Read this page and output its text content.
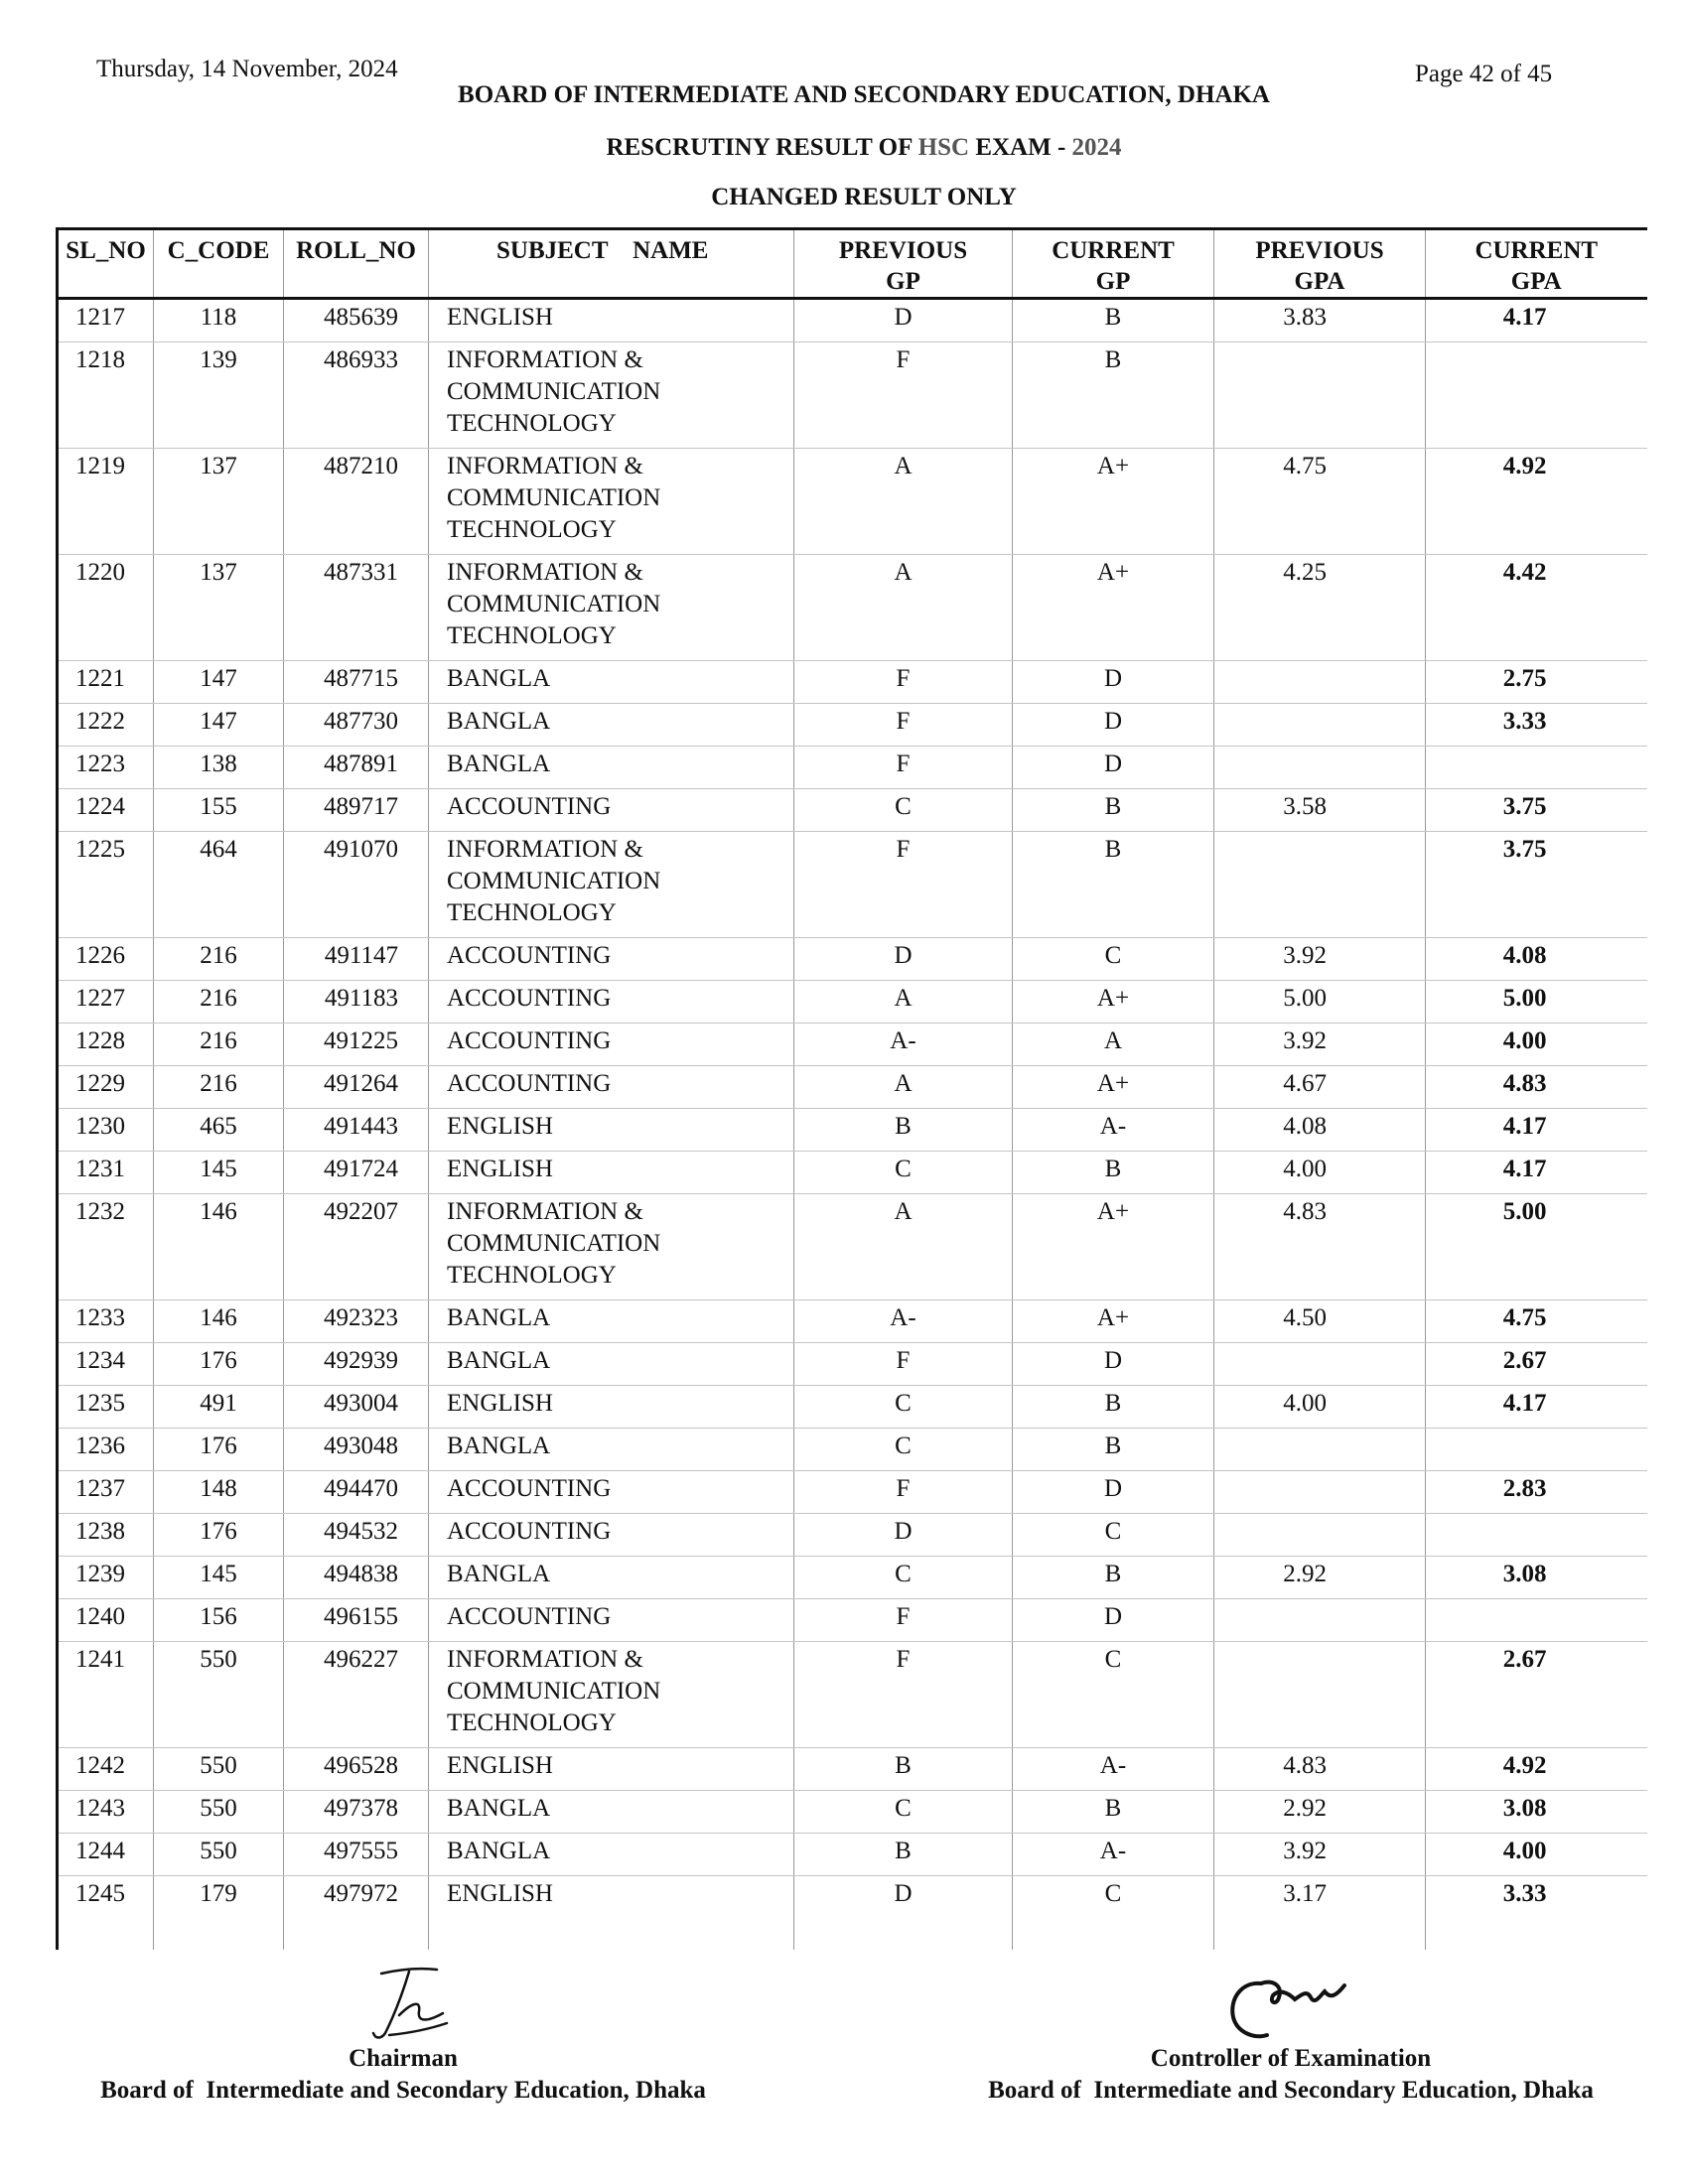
Thursday, 14 November, 2024	Page 42 of 45
BOARD OF INTERMEDIATE AND SECONDARY EDUCATION, DHAKA
RESCRUTINY RESULT OF HSC EXAM - 2024
CHANGED RESULT ONLY
SL_NO	C_CODE	ROLL_NO	SUBJECT    NAME	PREVIOUS GP	CURRENT GP	PREVIOUS GPA	CURRENT GPA
1217	118	485639	ENGLISH	D	B	3.83	4.17
1218	139	486933	INFORMATION & COMMUNICATION TECHNOLOGY	F	B		
1219	137	487210	INFORMATION & COMMUNICATION TECHNOLOGY	A	A+	4.75	4.92
1220	137	487331	INFORMATION & COMMUNICATION TECHNOLOGY	A	A+	4.25	4.42
1221	147	487715	BANGLA	F	D		2.75
1222	147	487730	BANGLA	F	D		3.33
1223	138	487891	BANGLA	F	D		
1224	155	489717	ACCOUNTING	C	B	3.58	3.75
1225	464	491070	INFORMATION & COMMUNICATION TECHNOLOGY	F	B		3.75
1226	216	491147	ACCOUNTING	D	C	3.92	4.08
1227	216	491183	ACCOUNTING	A	A+	5.00	5.00
1228	216	491225	ACCOUNTING	A-	A	3.92	4.00
1229	216	491264	ACCOUNTING	A	A+	4.67	4.83
1230	465	491443	ENGLISH	B	A-	4.08	4.17
1231	145	491724	ENGLISH	C	B	4.00	4.17
1232	146	492207	INFORMATION & COMMUNICATION TECHNOLOGY	A	A+	4.83	5.00
1233	146	492323	BANGLA	A-	A+	4.50	4.75
1234	176	492939	BANGLA	F	D		2.67
1235	491	493004	ENGLISH	C	B	4.00	4.17
1236	176	493048	BANGLA	C	B		
1237	148	494470	ACCOUNTING	F	D		2.83
1238	176	494532	ACCOUNTING	D	C		
1239	145	494838	BANGLA	C	B	2.92	3.08
1240	156	496155	ACCOUNTING	F	D		
1241	550	496227	INFORMATION & COMMUNICATION TECHNOLOGY	F	C		2.67
1242	550	496528	ENGLISH	B	A-	4.83	4.92
1243	550	497378	BANGLA	C	B	2.92	3.08
1244	550	497555	BANGLA	B	A-	3.92	4.00
1245	179	497972	ENGLISH	D	C	3.17	3.33
Chairman
Board of  Intermediate and Secondary Education, Dhaka
Controller of Examination
Board of  Intermediate and Secondary Education, Dhaka
